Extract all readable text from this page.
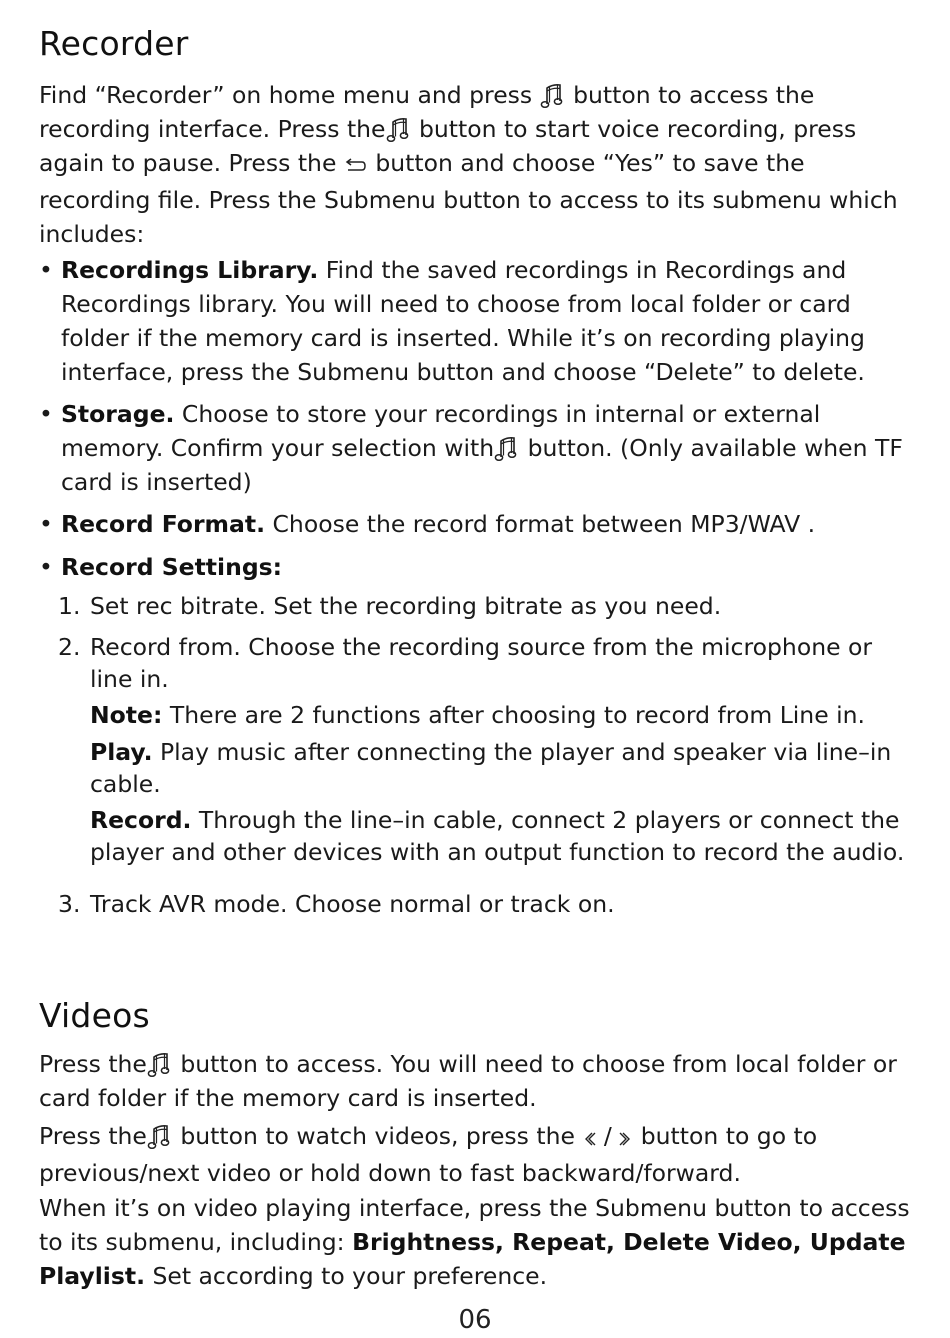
Recorder

Find “Recorder” on home menu and press  button to access the recording interface. Press the button to start voice recording, press again to pause. Press the  button and choose “Yes” to save the recording file. Press the Submenu button to access to its submenu which includes:

• Recordings Library. Find the saved recordings in Recordings and Recordings library. You will need to choose from local folder or card folder if the memory card is inserted. While it’s on recording playing interface, press the Submenu button and choose “Delete” to delete.

• Storage. Choose to store your recordings in internal or external memory. Confirm your selection with button. (Only available when TF card is inserted)

• Record Format. Choose the record format between MP3/WAV .

• Record Settings:

1. Set rec bitrate. Set the recording bitrate as you need.

2. Record from. Choose the recording source from the microphone or line in.

Note: There are 2 functions after choosing to record from Line in.

Play. Play music after connecting the player and speaker via line–in cable.

Record. Through the line–in cable, connect 2 players or connect the player and other devices with an output function to record the audio.

3. Track AVR mode. Choose normal or track on.

Videos

Press the button to access. You will need to choose from local folder or card folder if the memory card is inserted.

Press the button to watch videos, press the  /  button to go to previous/next video or hold down to fast backward/forward.

When it’s on video playing interface, press the Submenu button to access to its submenu, including: Brightness, Repeat, Delete Video, Update Playlist. Set according to your preference.

06
